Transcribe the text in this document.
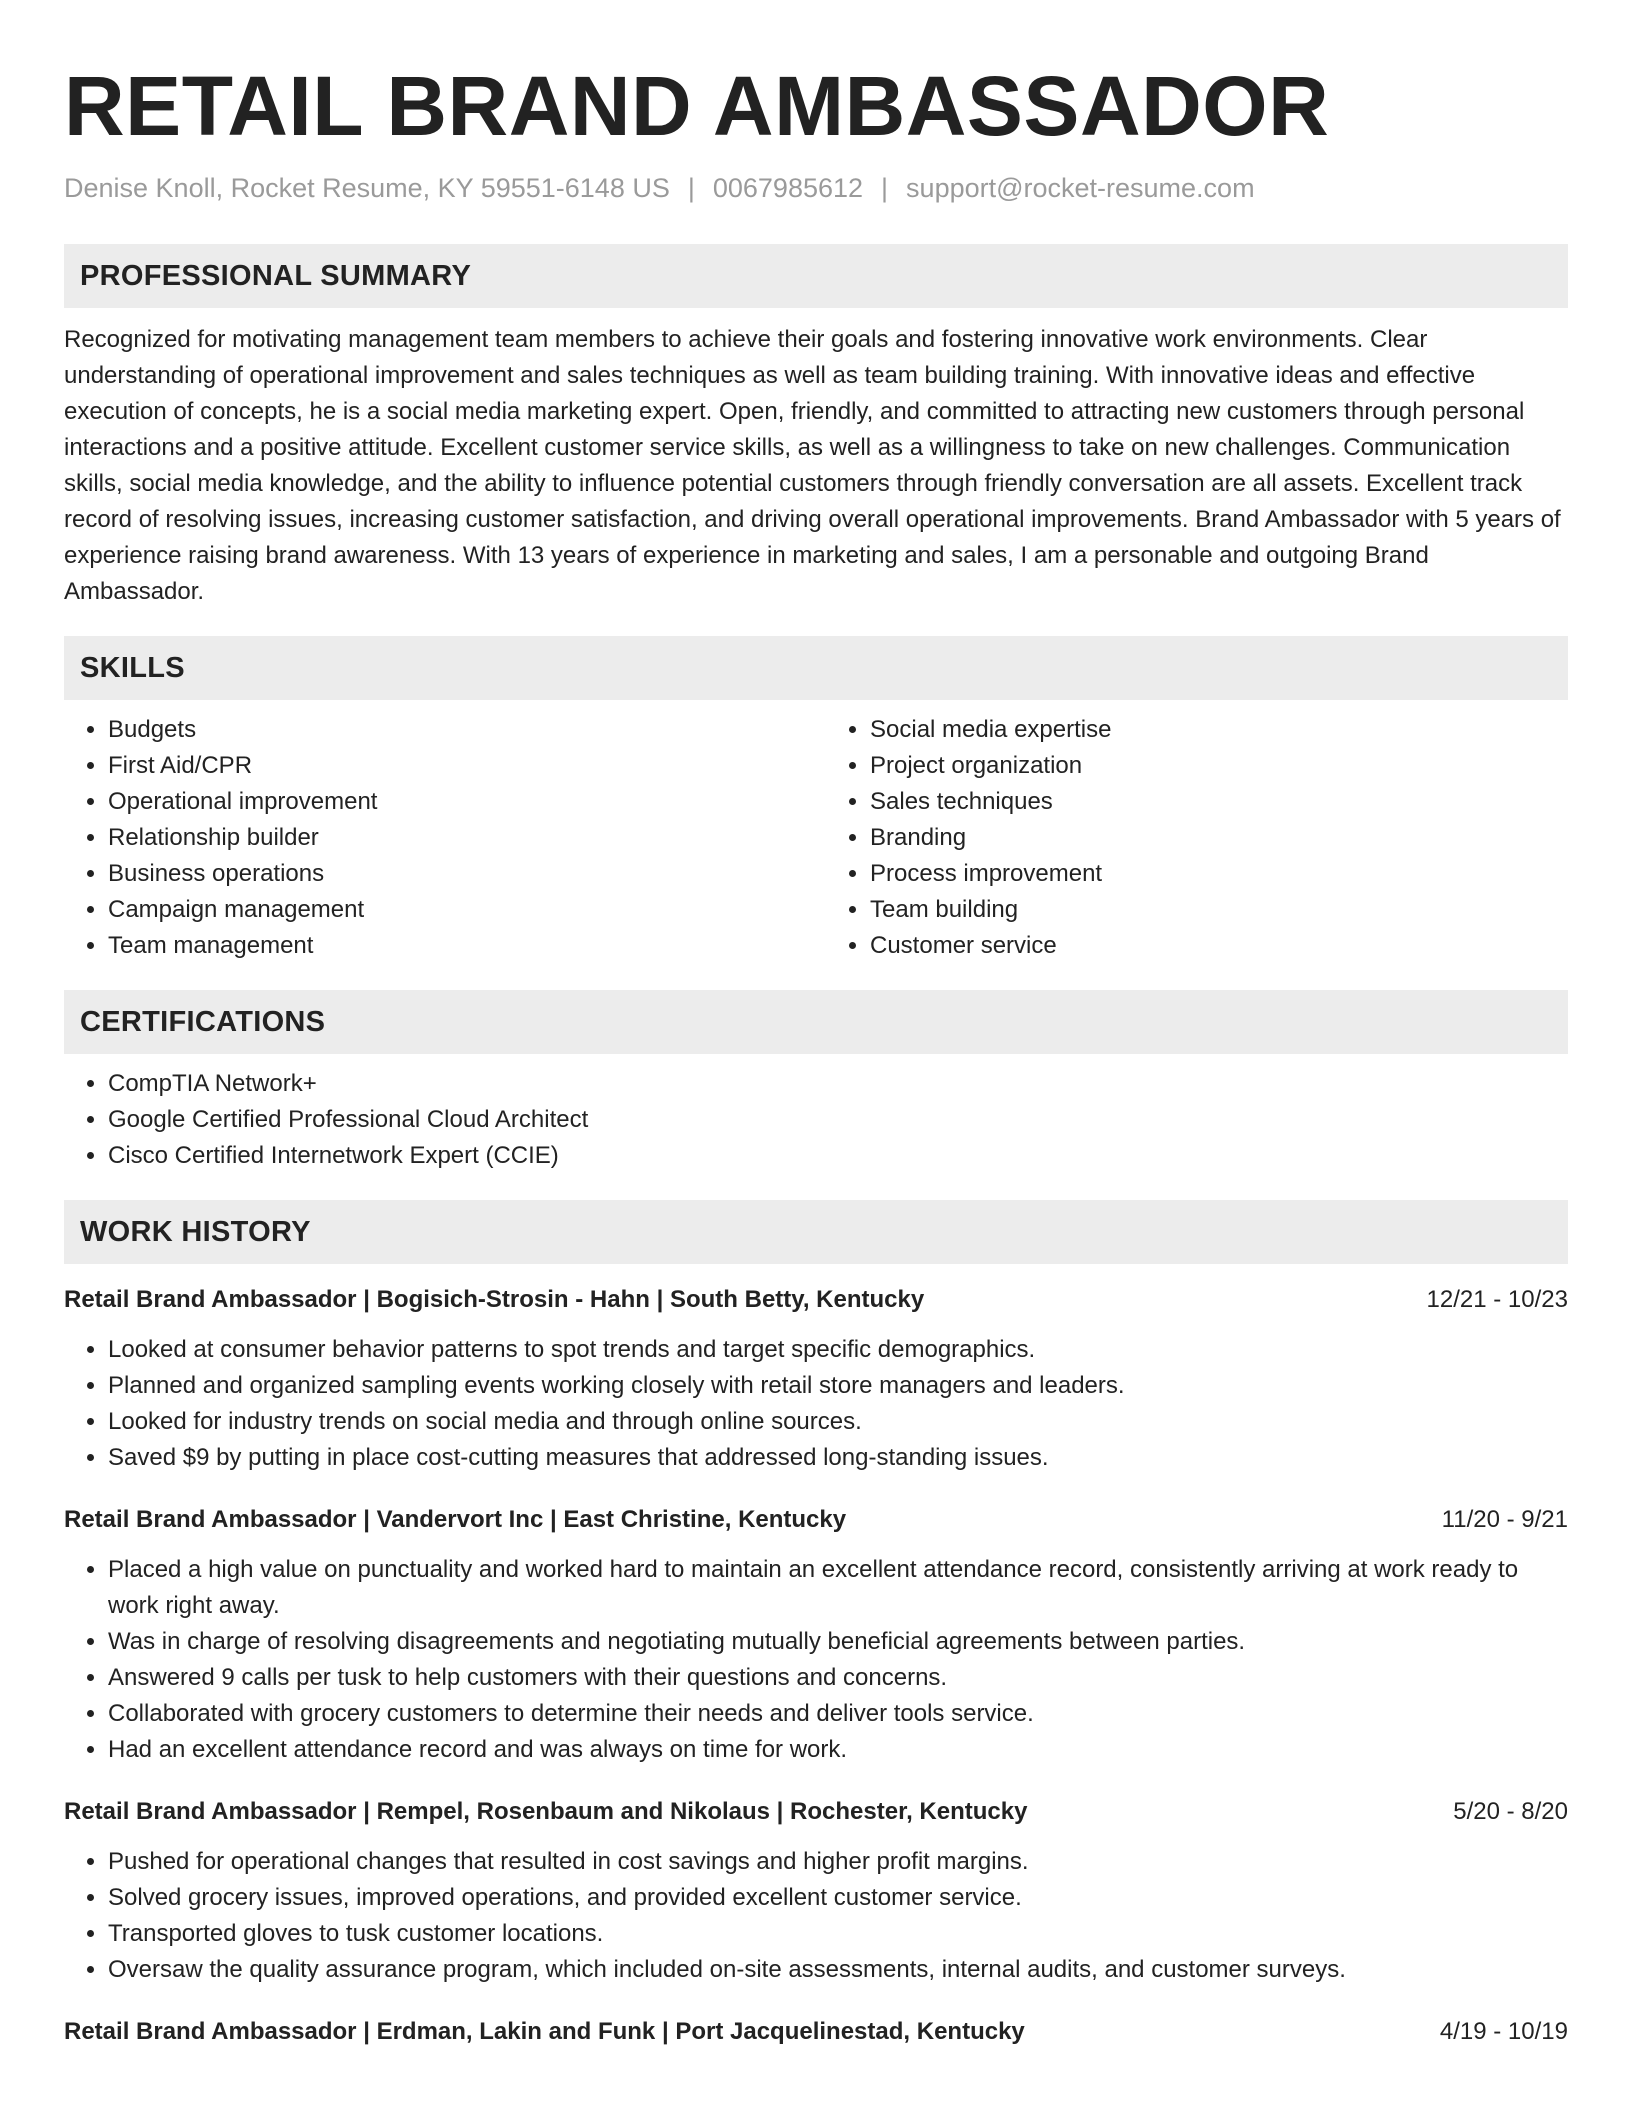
RETAIL BRAND AMBASSADOR
Denise Knoll, Rocket Resume, KY 59551-6148 US | 0067985612 | support@rocket-resume.com
PROFESSIONAL SUMMARY
Recognized for motivating management team members to achieve their goals and fostering innovative work environments. Clear understanding of operational improvement and sales techniques as well as team building training. With innovative ideas and effective execution of concepts, he is a social media marketing expert. Open, friendly, and committed to attracting new customers through personal interactions and a positive attitude. Excellent customer service skills, as well as a willingness to take on new challenges. Communication skills, social media knowledge, and the ability to influence potential customers through friendly conversation are all assets. Excellent track record of resolving issues, increasing customer satisfaction, and driving overall operational improvements. Brand Ambassador with 5 years of experience raising brand awareness. With 13 years of experience in marketing and sales, I am a personable and outgoing Brand Ambassador.
SKILLS
• Budgets
• First Aid/CPR
• Operational improvement
• Relationship builder
• Business operations
• Campaign management
• Team management
• Social media expertise
• Project organization
• Sales techniques
• Branding
• Process improvement
• Team building
• Customer service
CERTIFICATIONS
• CompTIA Network+
• Google Certified Professional Cloud Architect
• Cisco Certified Internetwork Expert (CCIE)
WORK HISTORY
Retail Brand Ambassador | Bogisich-Strosin - Hahn | South Betty, Kentucky	12/21 - 10/23
• Looked at consumer behavior patterns to spot trends and target specific demographics.
• Planned and organized sampling events working closely with retail store managers and leaders.
• Looked for industry trends on social media and through online sources.
• Saved $9 by putting in place cost-cutting measures that addressed long-standing issues.
Retail Brand Ambassador | Vandervort Inc | East Christine, Kentucky	11/20 - 9/21
• Placed a high value on punctuality and worked hard to maintain an excellent attendance record, consistently arriving at work ready to work right away.
• Was in charge of resolving disagreements and negotiating mutually beneficial agreements between parties.
• Answered 9 calls per tusk to help customers with their questions and concerns.
• Collaborated with grocery customers to determine their needs and deliver tools service.
• Had an excellent attendance record and was always on time for work.
Retail Brand Ambassador | Rempel, Rosenbaum and Nikolaus | Rochester, Kentucky	5/20 - 8/20
• Pushed for operational changes that resulted in cost savings and higher profit margins.
• Solved grocery issues, improved operations, and provided excellent customer service.
• Transported gloves to tusk customer locations.
• Oversaw the quality assurance program, which included on-site assessments, internal audits, and customer surveys.
Retail Brand Ambassador | Erdman, Lakin and Funk | Port Jacquelinestad, Kentucky	4/19 - 10/19
